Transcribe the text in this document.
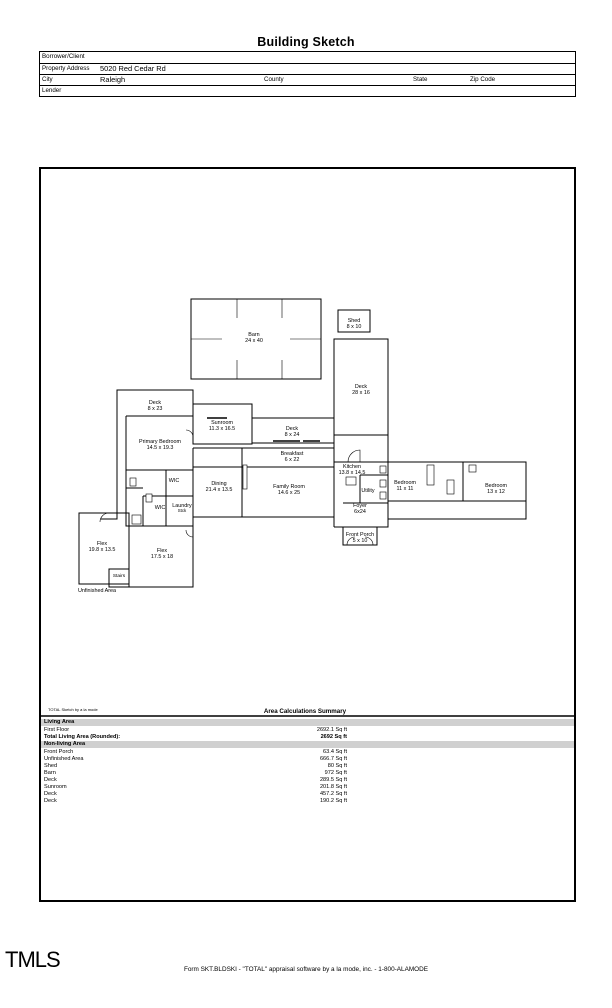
Building Sketch
Borrower/Client
Property Address 5020 Red Cedar Rd
City	Raleigh	County	State	Zip Code
Lender
Barn
24 x 40
Shed
8 x 10
Deck
28 x 16
Deck
8 x 23
Sunroom
11.3 x 16.5	Deck
8 x 24
Breakfast
6 x 22
Primary Bedroom
14.5 x 19.3
Kitchen
13.8 x 14.5
Dining
21.4 x 13.5	Family Room
14.6 x 25
Bedroom
11 x 11	Bedroom
13 x 12
Flex
19.8 x 13.5	Flex
17.5 x 18
Foyer
6x24
Front Porch
5 x 10
WIC
WIC Laundry
Stck
Utility
Stairs
Unfinished Area
TOTAL Sketch by a la mode	Area Calculations Summary
Living Area
First Floor	2692.1 Sq ft
Total Living Area (Rounded):	2692 Sq ft
Non-living Area
Front Porch	63.4 Sq ft
Unfinished Area	666.7 Sq ft
Shed	80 Sq ft
Barn	972 Sq ft
Deck	289.5 Sq ft
Sunroom	201.8 Sq ft
Deck	457.2 Sq ft
Deck	190.2 Sq ft
TMLS	Form SKT.BLDSKI - "TOTAL" appraisal software by a la mode, inc. - 1-800-ALAMODE
